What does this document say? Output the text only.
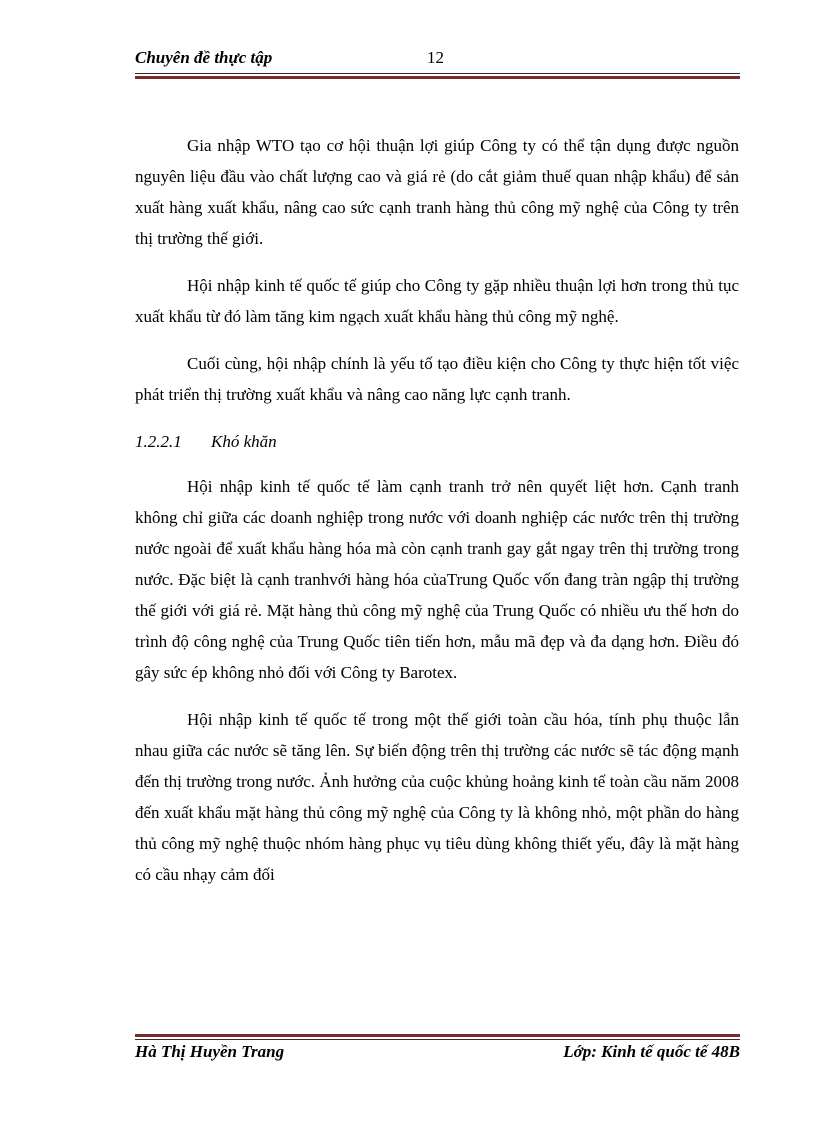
Chuyên đề thực tập	12

Gia nhập WTO tạo cơ hội thuận lợi giúp Công ty có thể tận dụng được nguồn nguyên liệu đầu vào chất lượng cao và giá rẻ (do cắt giảm thuế quan nhập khẩu) để sản xuất hàng xuất khẩu, nâng cao sức cạnh tranh hàng thủ công mỹ nghệ của Công ty trên thị trường thế giới.

Hội nhập kinh tế quốc tế giúp cho Công ty gặp nhiều thuận lợi hơn trong thủ tục xuất khẩu từ đó làm tăng kim ngạch xuất khẩu hàng thủ công mỹ nghệ.

Cuối cùng, hội nhập chính là yếu tố tạo điều kiện cho Công ty thực hiện tốt việc phát triển thị trường xuất khẩu và nâng cao năng lực cạnh tranh.

1.2.2.1 Khó khăn

Hội nhập kinh tế quốc tế làm cạnh tranh trở nên quyết liệt hơn. Cạnh tranh không chỉ giữa các doanh nghiệp trong nước với doanh nghiệp các nước trên thị trường nước ngoài để xuất khẩu hàng hóa mà còn cạnh tranh gay gắt ngay trên thị trường trong nước. Đặc biệt là cạnh tranhvới hàng hóa củaTrung Quốc vốn đang tràn ngập thị trường thế giới với giá rẻ. Mặt hàng thủ công mỹ nghệ của Trung Quốc có nhiều ưu thế hơn do trình độ công nghệ của Trung Quốc tiên tiến hơn, mẫu mã đẹp và đa dạng hơn. Điều đó gây sức ép không nhỏ đối với Công ty Barotex.

Hội nhập kinh tế quốc tế trong một thế giới toàn cầu hóa, tính phụ thuộc lẫn nhau giữa các nước sẽ tăng lên. Sự biến động trên thị trường các nước sẽ tác động mạnh đến thị trường trong nước. Ảnh hưởng của cuộc khủng hoảng kinh tế toàn cầu năm 2008 đến xuất khẩu mặt hàng thủ công mỹ nghệ của Công ty là không nhỏ, một phần do hàng thủ công mỹ nghệ thuộc nhóm hàng phục vụ tiêu dùng không thiết yếu, đây là mặt hàng có cầu nhạy cảm đối

Hà Thị Huyền Trang	Lớp: Kinh tế quốc tế 48B
